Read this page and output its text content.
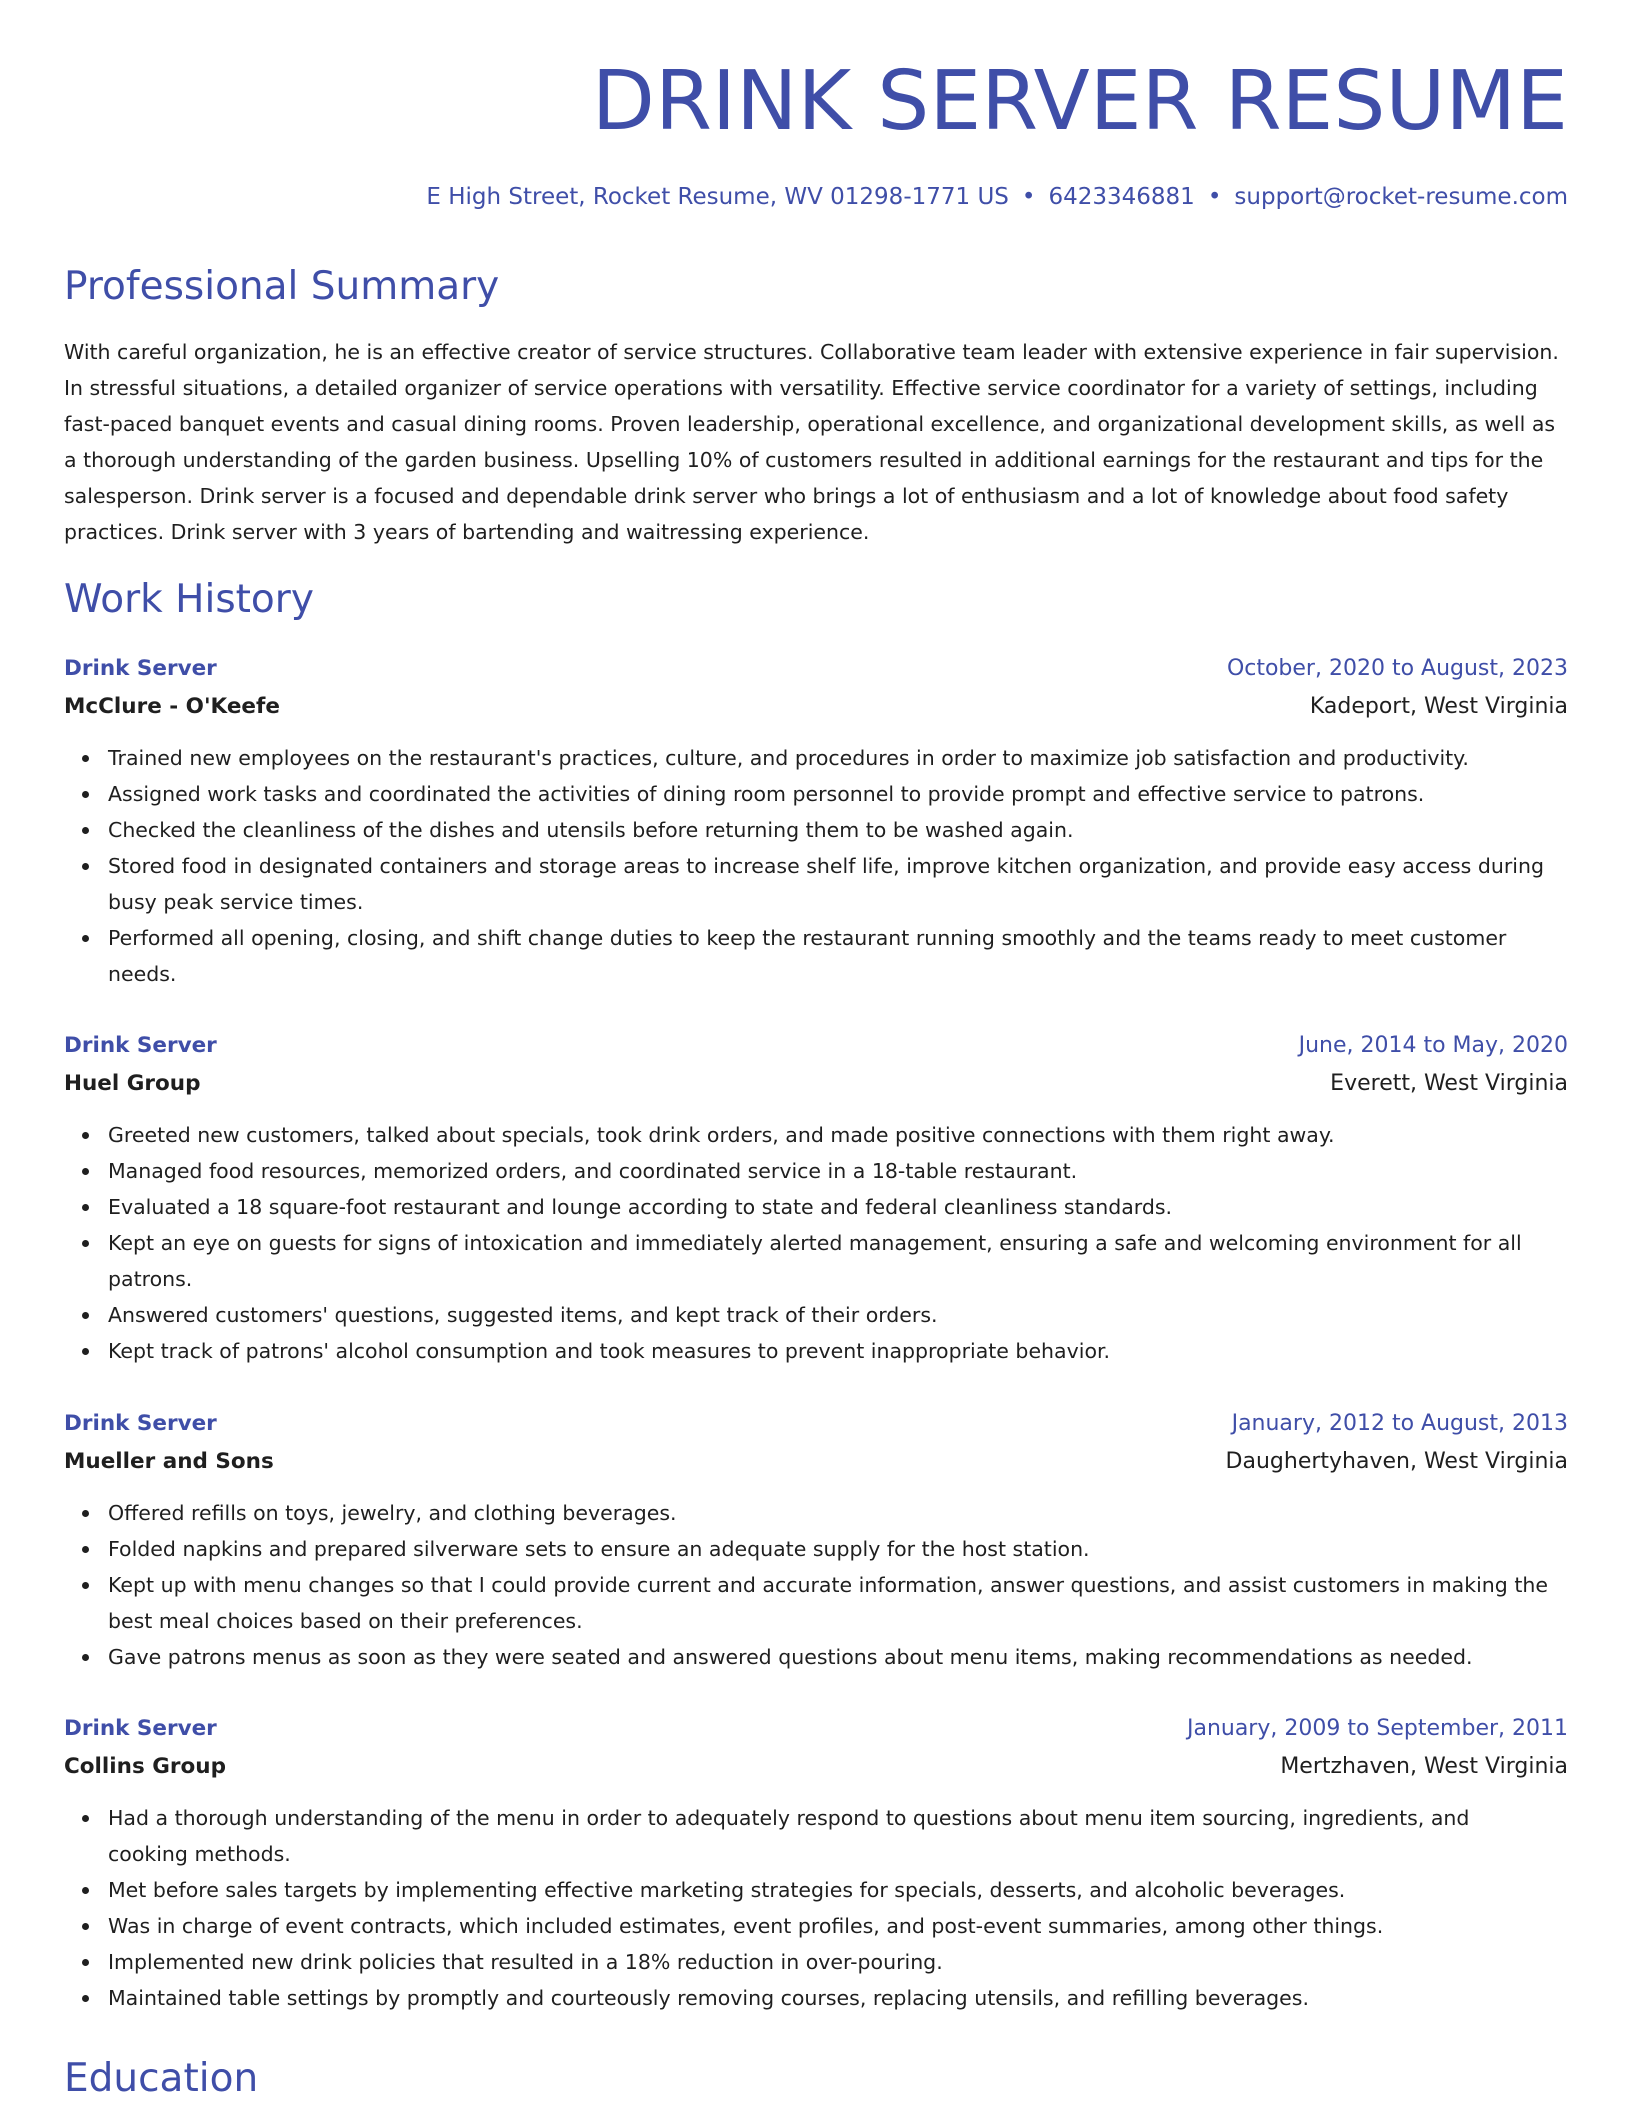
DRINK SERVER RESUME
E High Street, Rocket Resume, WV 01298-1771 US • 6423346881 • support@rocket-resume.com
Professional Summary

With careful organization, he is an effective creator of service structures. Collaborative team leader with extensive experience in fair supervision. In stressful situations, a detailed organizer of service operations with versatility. Effective service coordinator for a variety of settings, including fast-paced banquet events and casual dining rooms. Proven leadership, operational excellence, and organizational development skills, as well as a thorough understanding of the garden business. Upselling 10% of customers resulted in additional earnings for the restaurant and tips for the salesperson. Drink server is a focused and dependable drink server who brings a lot of enthusiasm and a lot of knowledge about food safety practices. Drink server with 3 years of bartending and waitressing experience.

Work History
Drink Server	October, 2020 to August, 2023
McClure - O'Keefe	Kadeport, West Virginia
Trained new employees on the restaurant's practices, culture, and procedures in order to maximize job satisfaction and productivity.
Assigned work tasks and coordinated the activities of dining room personnel to provide prompt and effective service to patrons.
Checked the cleanliness of the dishes and utensils before returning them to be washed again.
Stored food in designated containers and storage areas to increase shelf life, improve kitchen organization, and provide easy access during busy peak service times.
Performed all opening, closing, and shift change duties to keep the restaurant running smoothly and the teams ready to meet customer needs.
Drink Server	June, 2014 to May, 2020
Huel Group	Everett, West Virginia
Greeted new customers, talked about specials, took drink orders, and made positive connections with them right away.
Managed food resources, memorized orders, and coordinated service in a 18-table restaurant.
Evaluated a 18 square-foot restaurant and lounge according to state and federal cleanliness standards.
Kept an eye on guests for signs of intoxication and immediately alerted management, ensuring a safe and welcoming environment for all patrons.
Answered customers' questions, suggested items, and kept track of their orders.
Kept track of patrons' alcohol consumption and took measures to prevent inappropriate behavior.
Drink Server	January, 2012 to August, 2013
Mueller and Sons	Daughertyhaven, West Virginia
Offered refills on toys, jewelry, and clothing beverages.
Folded napkins and prepared silverware sets to ensure an adequate supply for the host station.
Kept up with menu changes so that I could provide current and accurate information, answer questions, and assist customers in making the best meal choices based on their preferences.
Gave patrons menus as soon as they were seated and answered questions about menu items, making recommendations as needed.
Drink Server	January, 2009 to September, 2011
Collins Group	Mertzhaven, West Virginia
Had a thorough understanding of the menu in order to adequately respond to questions about menu item sourcing, ingredients, and cooking methods.
Met before sales targets by implementing effective marketing strategies for specials, desserts, and alcoholic beverages.
Was in charge of event contracts, which included estimates, event profiles, and post-event summaries, among other things.
Implemented new drink policies that resulted in a 18% reduction in over-pouring.
Maintained table settings by promptly and courteously removing courses, replacing utensils, and refilling beverages.
Education
